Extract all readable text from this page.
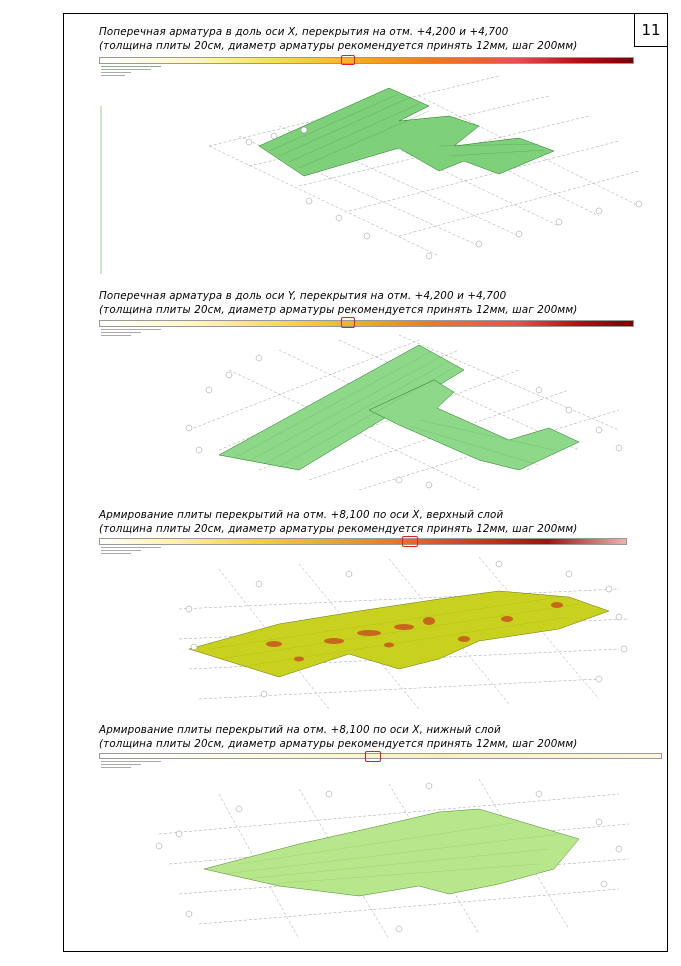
11
Поперечная арматура в доль оси X, перекрытия на отм. +4,200 и +4,700
(толщина плиты 20см, диаметр арматуры рекомендуется принять 12мм, шаг 200мм)
Поперечная арматура в доль оси Y, перекрытия на отм. +4,200 и +4,700
(толщина плиты 20см, диаметр арматуры рекомендуется принять 12мм, шаг 200мм)
Армирование плиты перекрытий на отм. +8,100 по оси X, верхный слой
(толщина плиты 20см, диаметр арматуры рекомендуется принять 12мм, шаг 200мм)
Армирование плиты перекрытий на отм. +8,100 по оси X, нижный слой
(толщина плиты 20см, диаметр арматуры рекомендуется принять 12мм, шаг 200мм)
